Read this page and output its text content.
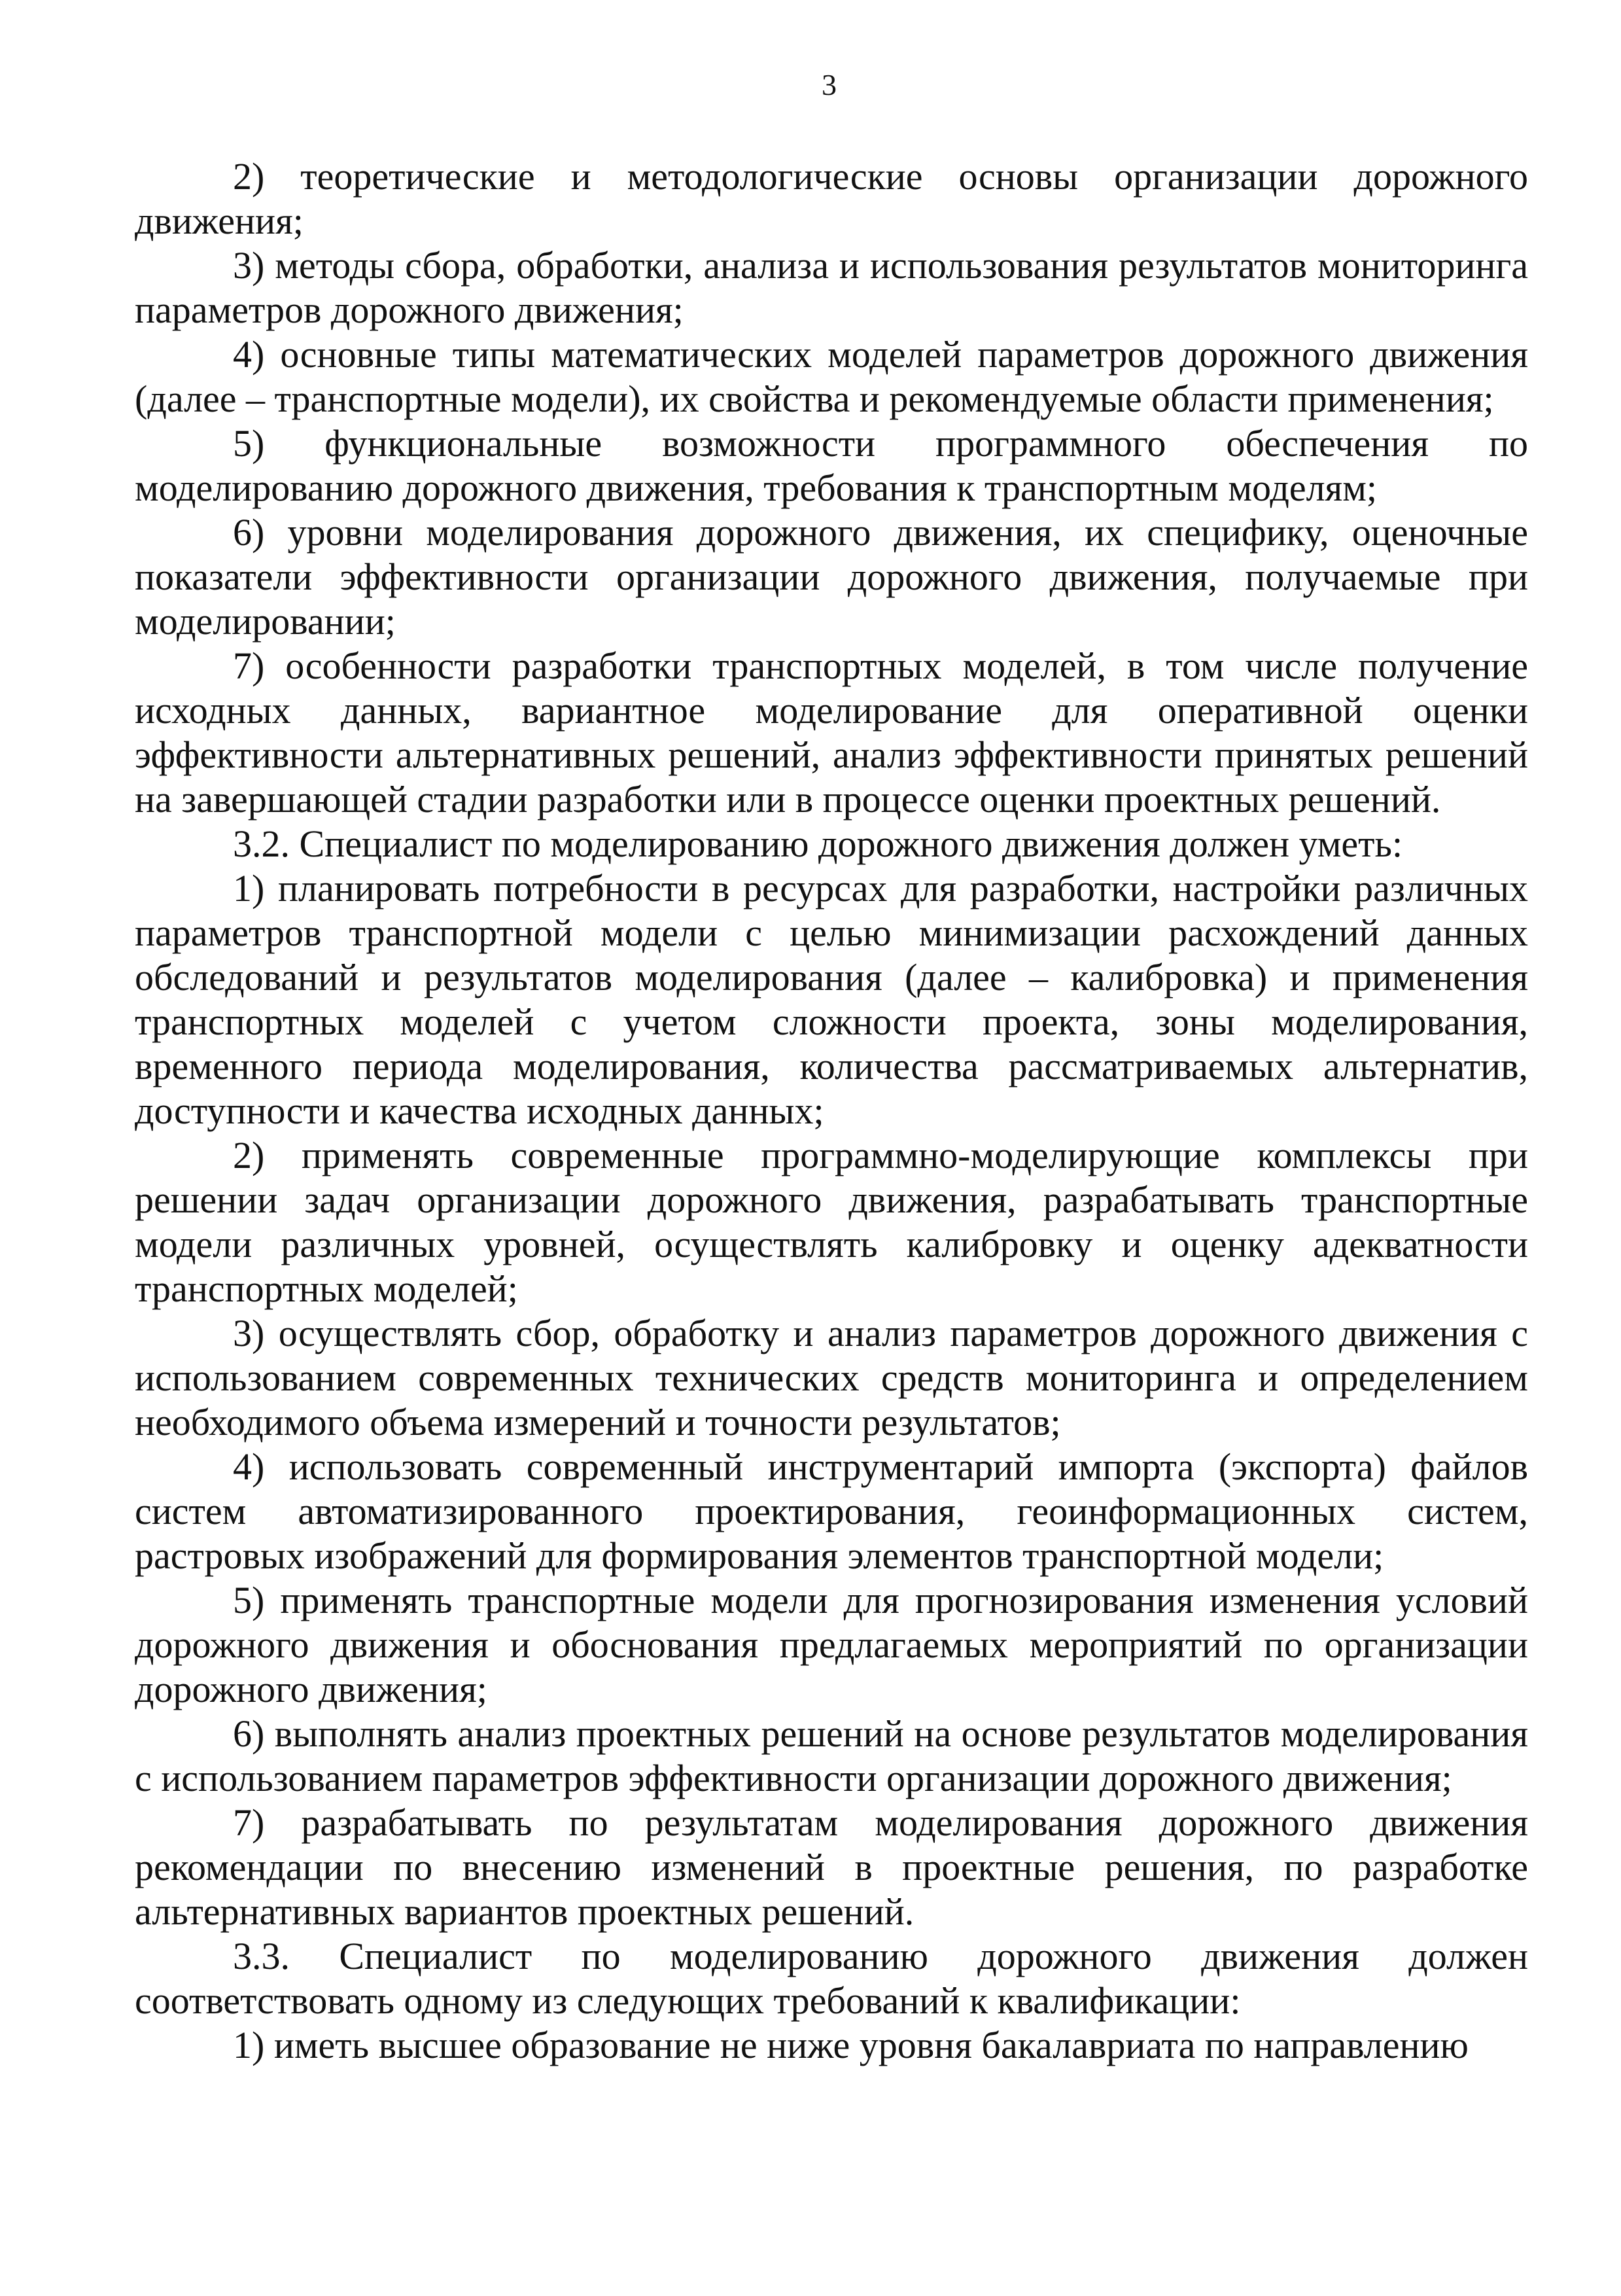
3

2) теоретические и методологические основы организации дорожного движения;

3) методы сбора, обработки, анализа и использования результатов мониторинга параметров дорожного движения;

4) основные типы математических моделей параметров дорожного движения (далее – транспортные модели), их свойства и рекомендуемые области применения;

5) функциональные возможности программного обеспечения по моделированию дорожного движения, требования к транспортным моделям;

6) уровни моделирования дорожного движения, их специфику, оценочные показатели эффективности организации дорожного движения, получаемые при моделировании;

7) особенности разработки транспортных моделей, в том числе получение исходных данных, вариантное моделирование для оперативной оценки эффективности альтернативных решений, анализ эффективности принятых решений на завершающей стадии разработки или в процессе оценки проектных решений.

3.2. Специалист по моделированию дорожного движения должен уметь:

1) планировать потребности в ресурсах для разработки, настройки различных параметров транспортной модели с целью минимизации расхождений данных обследований и результатов моделирования (далее – калибровка) и применения транспортных моделей с учетом сложности проекта, зоны моделирования, временного периода моделирования, количества рассматриваемых альтернатив, доступности и качества исходных данных;

2) применять современные программно-моделирующие комплексы при решении задач организации дорожного движения, разрабатывать транспортные модели различных уровней, осуществлять калибровку и оценку адекватности транспортных моделей;

3) осуществлять сбор, обработку и анализ параметров дорожного движения с использованием современных технических средств мониторинга и определением необходимого объема измерений и точности результатов;

4) использовать современный инструментарий импорта (экспорта) файлов систем автоматизированного проектирования, геоинформационных систем, растровых изображений для формирования элементов транспортной модели;

5) применять транспортные модели для прогнозирования изменения условий дорожного движения и обоснования предлагаемых мероприятий по организации дорожного движения;

6) выполнять анализ проектных решений на основе результатов моделирования с использованием параметров эффективности организации дорожного движения;

7) разрабатывать по результатам моделирования дорожного движения рекомендации по внесению изменений в проектные решения, по разработке альтернативных вариантов проектных решений.

3.3. Специалист по моделированию дорожного движения должен соответствовать одному из следующих требований к квалификации:

1) иметь высшее образование не ниже уровня бакалавриата по направлению
